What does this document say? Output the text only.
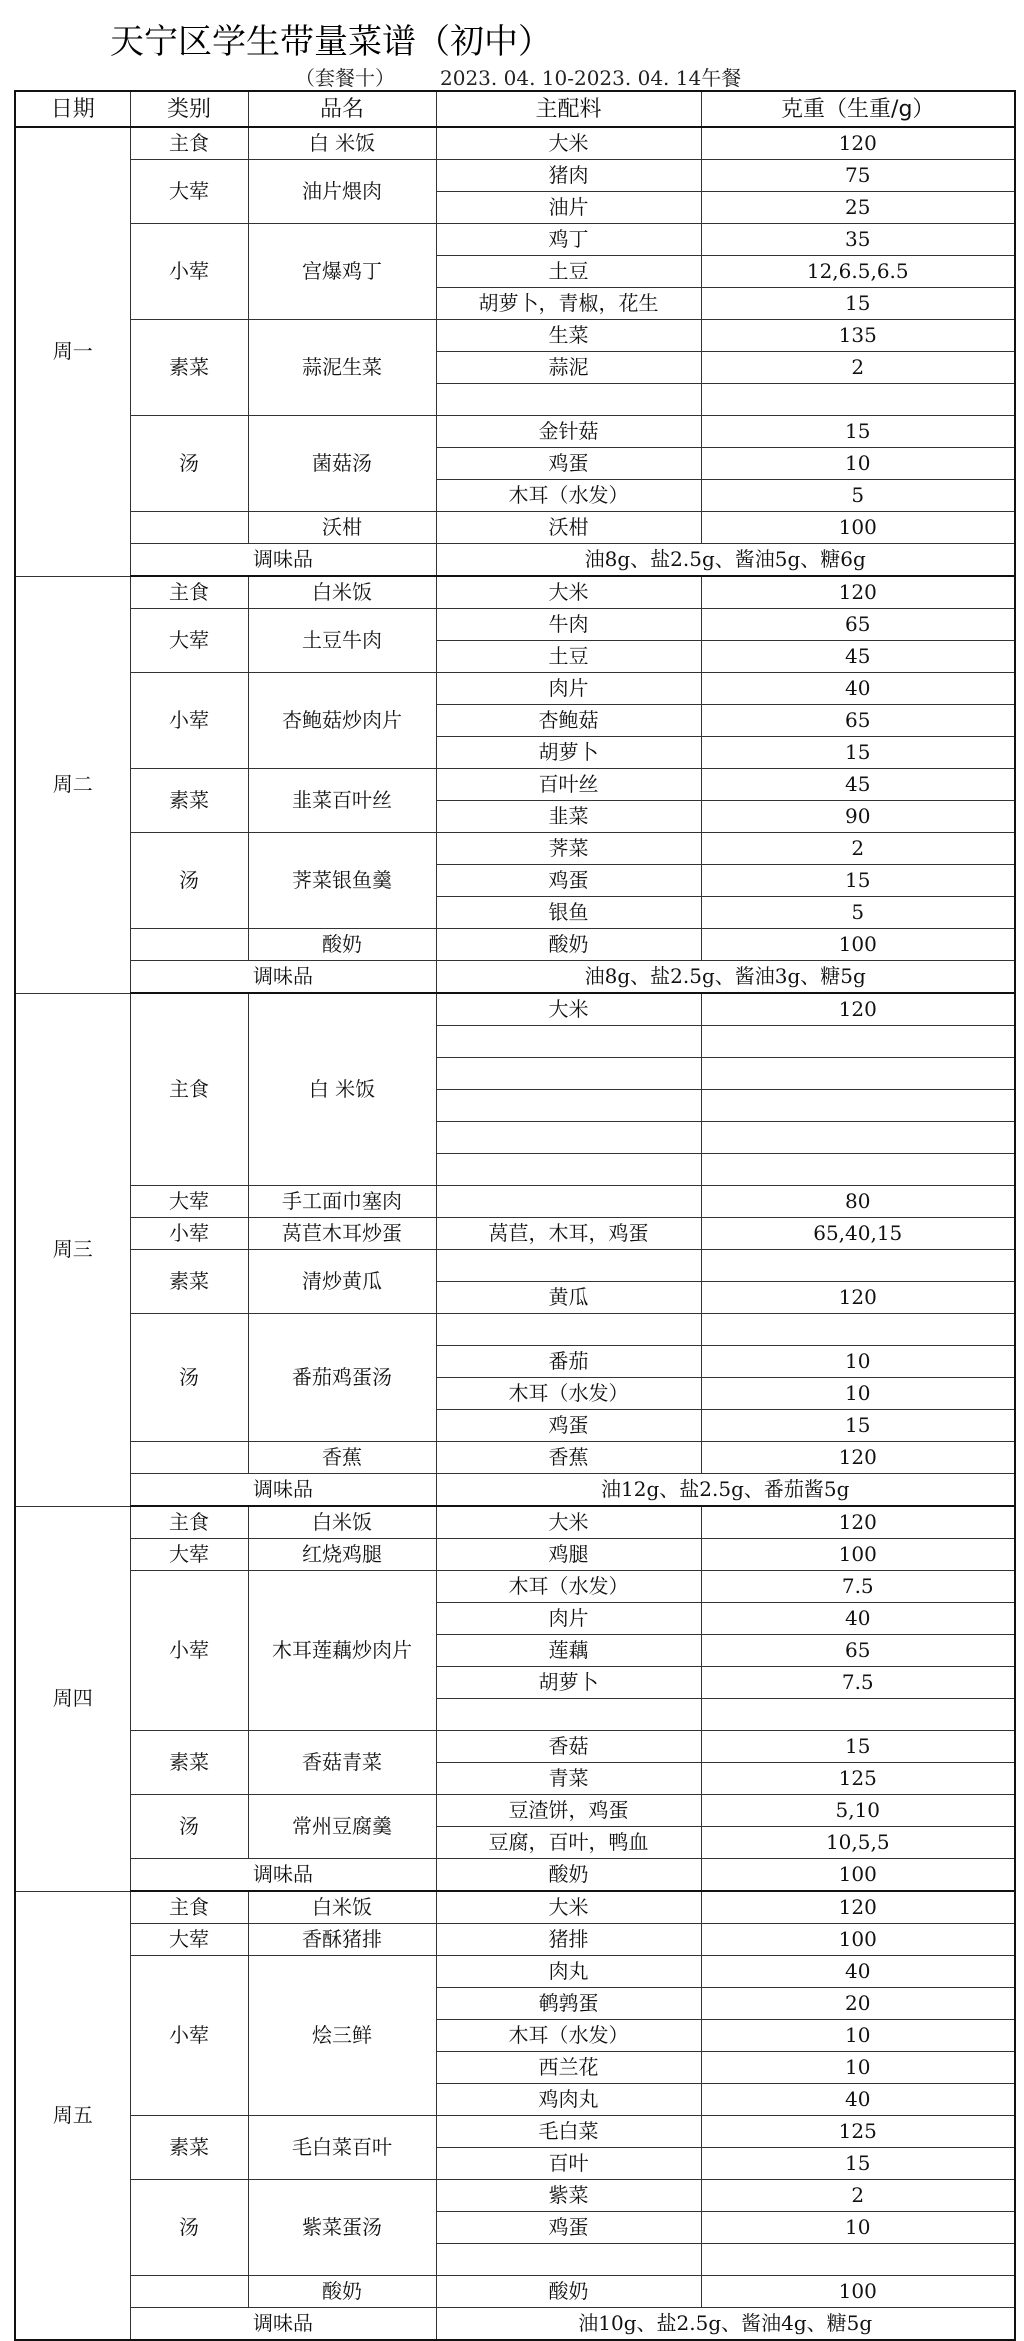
天宁区学生带量菜谱（初中）
（套餐十） 2023. 04. 10-2023. 04. 14午餐
日期	类别	品名	主配料	克重（生重/g）
周一	主食	白 米饭	大米	120
	大荤	油片煨肉	猪肉	75
			油片	25
	小荤	宫爆鸡丁	鸡丁	35
			土豆	12,6.5,6.5
			胡萝卜，青椒，花生	15
	素菜	蒜泥生菜	生菜	135
			蒜泥	2

	汤	菌菇汤	金针菇	15
			鸡蛋	10
			木耳（水发）	5
		沃柑	沃柑	100
	调味品		油8g、盐2.5g、酱油5g、糖6g	
周二	主食	白米饭	大米	120
	大荤	土豆牛肉	牛肉	65
			土豆	45
	小荤	杏鲍菇炒肉片	肉片	40
			杏鲍菇	65
			胡萝卜	15
	素菜	韭菜百叶丝	百叶丝	45
			韭菜	90
	汤	荠菜银鱼羹	荠菜	2
			鸡蛋	15
			银鱼	5
		酸奶	酸奶	100
	调味品		油8g、盐2.5g、酱油3g、糖5g	
周三	主食	白 米饭	大米	120

	大荤	手工面巾塞肉		80
	小荤	莴苣木耳炒蛋	莴苣，木耳，鸡蛋	65,40,15
	素菜	清炒黄瓜		
			黄瓜	120
	汤	番茄鸡蛋汤		
			番茄	10
			木耳（水发）	10
			鸡蛋	15
		香蕉	香蕉	120
	调味品		油12g、盐2.5g、番茄酱5g	
周四	主食	白米饭	大米	120
	大荤	红烧鸡腿	鸡腿	100
	小荤	木耳莲藕炒肉片	木耳（水发）	7.5
			肉片	40
			莲藕	65
			胡萝卜	7.5

	素菜	香菇青菜	香菇	15
			青菜	125
	汤	常州豆腐羹	豆渣饼，鸡蛋	5,10
			豆腐，百叶，鸭血	10,5,5
	调味品		酸奶	100
周五	主食	白米饭	大米	120
	大荤	香酥猪排	猪排	100
	小荤	烩三鲜	肉丸	40
			鹌鹑蛋	20
			木耳（水发）	10
			西兰花	10
			鸡肉丸	40
	素菜	毛白菜百叶	毛白菜	125
			百叶	15
	汤	紫菜蛋汤	紫菜	2
			鸡蛋	10

		酸奶	酸奶	100
	调味品		油10g、盐2.5g、酱油4g、糖5g	
